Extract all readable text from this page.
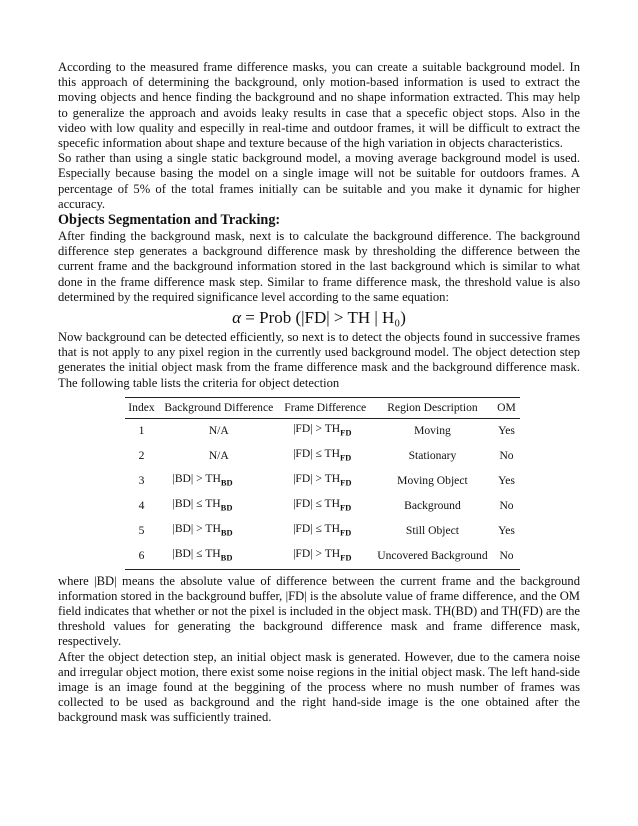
According to the measured frame difference masks, you can create a suitable background model. In this approach of determining the background, only motion-based information is used to extract the moving objects and hence finding the background and no shape information extracted. This may help to generalize the approach and avoids leaky results in case that a specefic object stops. Also in the video with low quality and especilly in real-time and outdoor frames, it will be difficult to extract the specefic information about shape and texture because of the high variation in objects characteristics.

So rather than using a single static background model, a moving average background model is used. Especially because basing the model on a single image will not be suitable for outdoors frames. A percentage of 5% of the total frames initially can be suitable and you make it dynamic for higher accuracy.

Objects Segmentation and Tracking:

After finding the background mask, next is to calculate the background difference. The background difference step generates a background difference mask by thresholding the difference between the current frame and the background information stored in the last background which is similar to what done in the frame difference mask step. Similar to frame difference mask, the threshold value is also determined by the required significance level according to the same equation:

α = Prob (|FD| > TH | H₀)

Now background can be detected efficiently, so next is to detect the objects found in successive frames that is not apply to any pixel region in the currently used background model. The object detection step generates the initial object mask from the frame difference mask and the background difference mask. The following table lists the criteria for object detection

Index	Background Difference	Frame Difference	Region Description	OM
1	N/A	$|FD| > TH_{FD}$	Moving	Yes
2	N/A	$|FD| \le TH_{FD}$	Stationary	No
3	$|BD| > TH_{BD}$	$|FD| > TH_{FD}$	Moving Object	Yes
4	$|BD| \le TH_{BD}$	$|FD| \le TH_{FD}$	Background	No
5	$|BD| > TH_{BD}$	$|FD| \le TH_{FD}$	Still Object	Yes
6	$|BD| \le TH_{BD}$	$|FD| > TH_{FD}$	Uncovered Background	No

where |BD| means the absolute value of difference between the current frame and the background information stored in the background buffer, |FD| is the absolute value of frame difference, and the OM field indicates that whether or not the pixel is included in the object mask. TH(BD) and TH(FD) are the threshold values for generating the background difference mask and frame difference mask, respectively.

After the object detection step, an initial object mask is generated. However, due to the camera noise and irregular object motion, there exist some noise regions in the initial object mask. The left hand-side image is an image found at the beggining of the process where no mush number of frames was collected to be used as background and the right hand-side image is the one obtained after the background mask was sufficiently trained.
